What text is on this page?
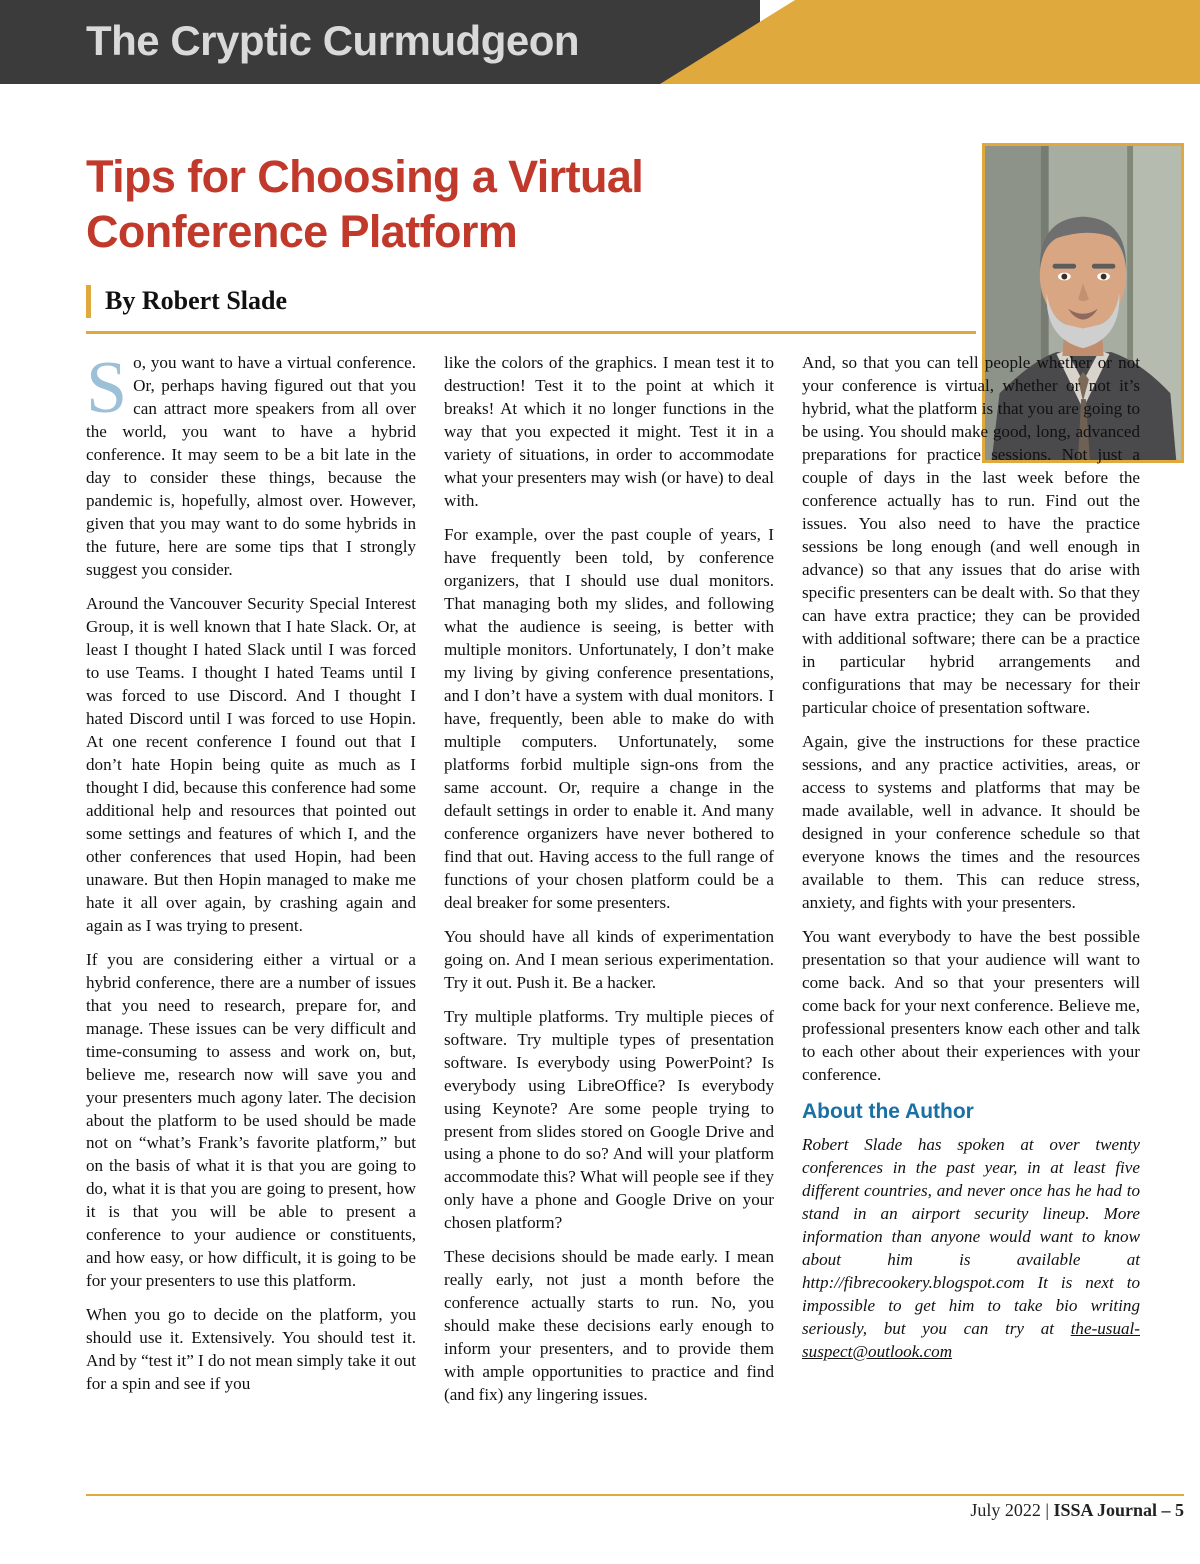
The Cryptic Curmudgeon
Tips for Choosing a Virtual Conference Platform
By Robert Slade

So, you want to have a virtual conference. Or, perhaps having figured out that you can attract more speakers from all over the world, you want to have a hybrid conference. It may seem to be a bit late in the day to consider these things, because the pandemic is, hopefully, almost over. However, given that you may want to do some hybrids in the future, here are some tips that I strongly suggest you consider.

Around the Vancouver Security Special Interest Group, it is well known that I hate Slack. Or, at least I thought I hated Slack until I was forced to use Teams. I thought I hated Teams until I was forced to use Discord. And I thought I hated Discord until I was forced to use Hopin. At one recent conference I found out that I don’t hate Hopin being quite as much as I thought I did, because this conference had some additional help and resources that pointed out some settings and features of which I, and the other conferences that used Hopin, had been unaware. But then Hopin managed to make me hate it all over again, by crashing again and again as I was trying to present.

If you are considering either a virtual or a hybrid conference, there are a number of issues that you need to research, prepare for, and manage. These issues can be very difficult and time-consuming to assess and work on, but, believe me, research now will save you and your presenters much agony later. The decision about the platform to be used should be made not on “what’s Frank’s favorite platform,” but on the basis of what it is that you are going to do, what it is that you are going to present, how it is that you will be able to present a conference to your audience or constituents, and how easy, or how difficult, it is going to be for your presenters to use this platform.

When you go to decide on the platform, you should use it. Extensively. You should test it. And by “test it” I do not mean simply take it out for a spin and see if you

like the colors of the graphics. I mean test it to destruction! Test it to the point at which it breaks! At which it no longer functions in the way that you expected it might. Test it in a variety of situations, in order to accommodate what your presenters may wish (or have) to deal with.

For example, over the past couple of years, I have frequently been told, by conference organizers, that I should use dual monitors. That managing both my slides, and following what the audience is seeing, is better with multiple monitors. Unfortunately, I don’t make my living by giving conference presentations, and I don’t have a system with dual monitors. I have, frequently, been able to make do with multiple computers. Unfortunately, some platforms forbid multiple sign-ons from the same account. Or, require a change in the default settings in order to enable it. And many conference organizers have never bothered to find that out. Having access to the full range of functions of your chosen platform could be a deal breaker for some presenters.

You should have all kinds of experimentation going on. And I mean serious experimentation. Try it out. Push it. Be a hacker.

Try multiple platforms. Try multiple pieces of software. Try multiple types of presentation software. Is everybody using PowerPoint? Is everybody using LibreOffice? Is everybody using Keynote? Are some people trying to present from slides stored on Google Drive and using a phone to do so? And will your platform accommodate this? What will people see if they only have a phone and Google Drive on your chosen platform?

These decisions should be made early. I mean really early, not just a month before the conference actually starts to run. No, you should make these decisions early enough to inform your presenters, and to provide them with ample opportunities to practice and find (and fix) any lingering issues.

And, so that you can tell people whether or not your conference is virtual, whether or not it’s hybrid, what the platform is that you are going to be using. You should make good, long, advanced preparations for practice sessions. Not just a couple of days in the last week before the conference actually has to run. Find out the issues. You also need to have the practice sessions be long enough (and well enough in advance) so that any issues that do arise with specific presenters can be dealt with. So that they can have extra practice; they can be provided with additional software; there can be a practice in particular hybrid arrangements and configurations that may be necessary for their particular choice of presentation software.

Again, give the instructions for these practice sessions, and any practice activities, areas, or access to systems and platforms that may be made available, well in advance. It should be designed in your conference schedule so that everyone knows the times and the resources available to them. This can reduce stress, anxiety, and fights with your presenters.

You want everybody to have the best possible presentation so that your audience will want to come back. And so that your presenters will come back for your next conference. Believe me, professional presenters know each other and talk to each other about their experiences with your conference.

About the Author

Robert Slade has spoken at over twenty conferences in the past year, in at least five different countries, and never once has he had to stand in an airport security lineup. More information than anyone would want to know about him is available at http://fibrecookery.blogspot.com It is next to impossible to get him to take bio writing seriously, but you can try at the-usual-suspect@outlook.com

July 2022 | ISSA Journal – 5
